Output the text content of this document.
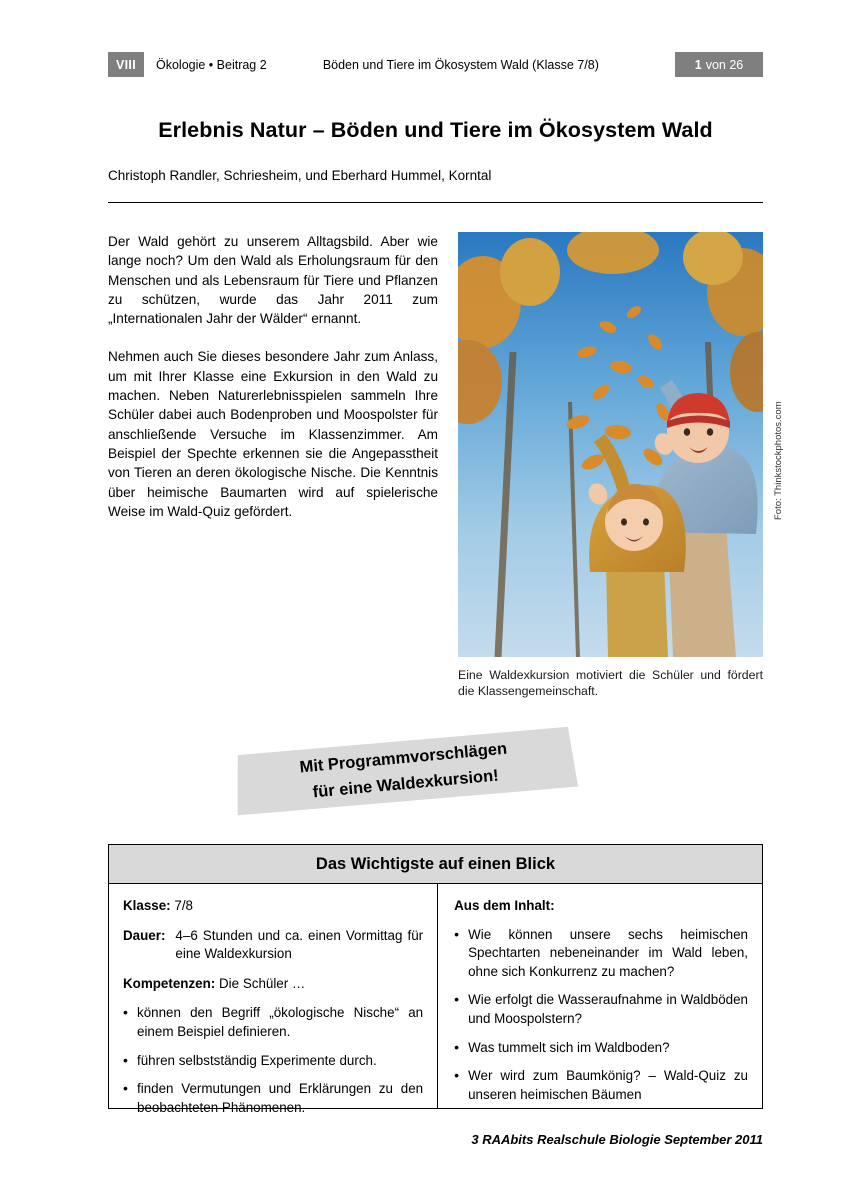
VIII	Ökologie • Beitrag 2	Böden und Tiere im Ökosystem Wald (Klasse 7/8)	1 von 26
Erlebnis Natur – Böden und Tiere im Ökosystem Wald
Christoph Randler, Schriesheim, und Eberhard Hummel, Korntal

Der Wald gehört zu unserem Alltagsbild. Aber wie lange noch? Um den Wald als Erholungsraum für den Menschen und als Lebensraum für Tiere und Pflanzen zu schützen, wurde das Jahr 2011 zum „Internationalen Jahr der Wälder“ ernannt.

Nehmen auch Sie dieses besondere Jahr zum Anlass, um mit Ihrer Klasse eine Exkursion in den Wald zu machen. Neben Naturerlebnisspielen sammeln Ihre Schüler dabei auch Bodenproben und Moospolster für anschließende Versuche im Klassenzimmer. Am Beispiel der Spechte erkennen sie die Angepasstheit von Tieren an deren ökologische Nische. Die Kenntnis über heimische Baumarten wird auf spielerische Weise im Wald-Quiz gefördert.	Foto: Thinkstockphotos.com
Eine Waldexkursion motiviert die Schüler und fördert die Klassengemeinschaft.
Mit Programmvorschlägen
für eine Waldexkursion!
Das Wichtigste auf einen Blick
Klasse: 7/8
Dauer: 4–6 Stunden und ca. einen Vormittag für eine Waldexkursion
Kompetenzen: Die Schüler …
• können den Begriff „ökologische Nische“ an einem Beispiel definieren.
• führen selbstständig Experimente durch.
• finden Vermutungen und Erklärungen zu den beobachteten Phänomenen.
Aus dem Inhalt:
• Wie können unsere sechs heimischen Spechtarten nebeneinander im Wald leben, ohne sich Konkurrenz zu machen?
• Wie erfolgt die Wasseraufnahme in Waldböden und Moospolstern?
• Was tummelt sich im Waldboden?
• Wer wird zum Baumkönig? – Wald-Quiz zu unseren heimischen Bäumen
3 RAAbits Realschule Biologie September 2011
